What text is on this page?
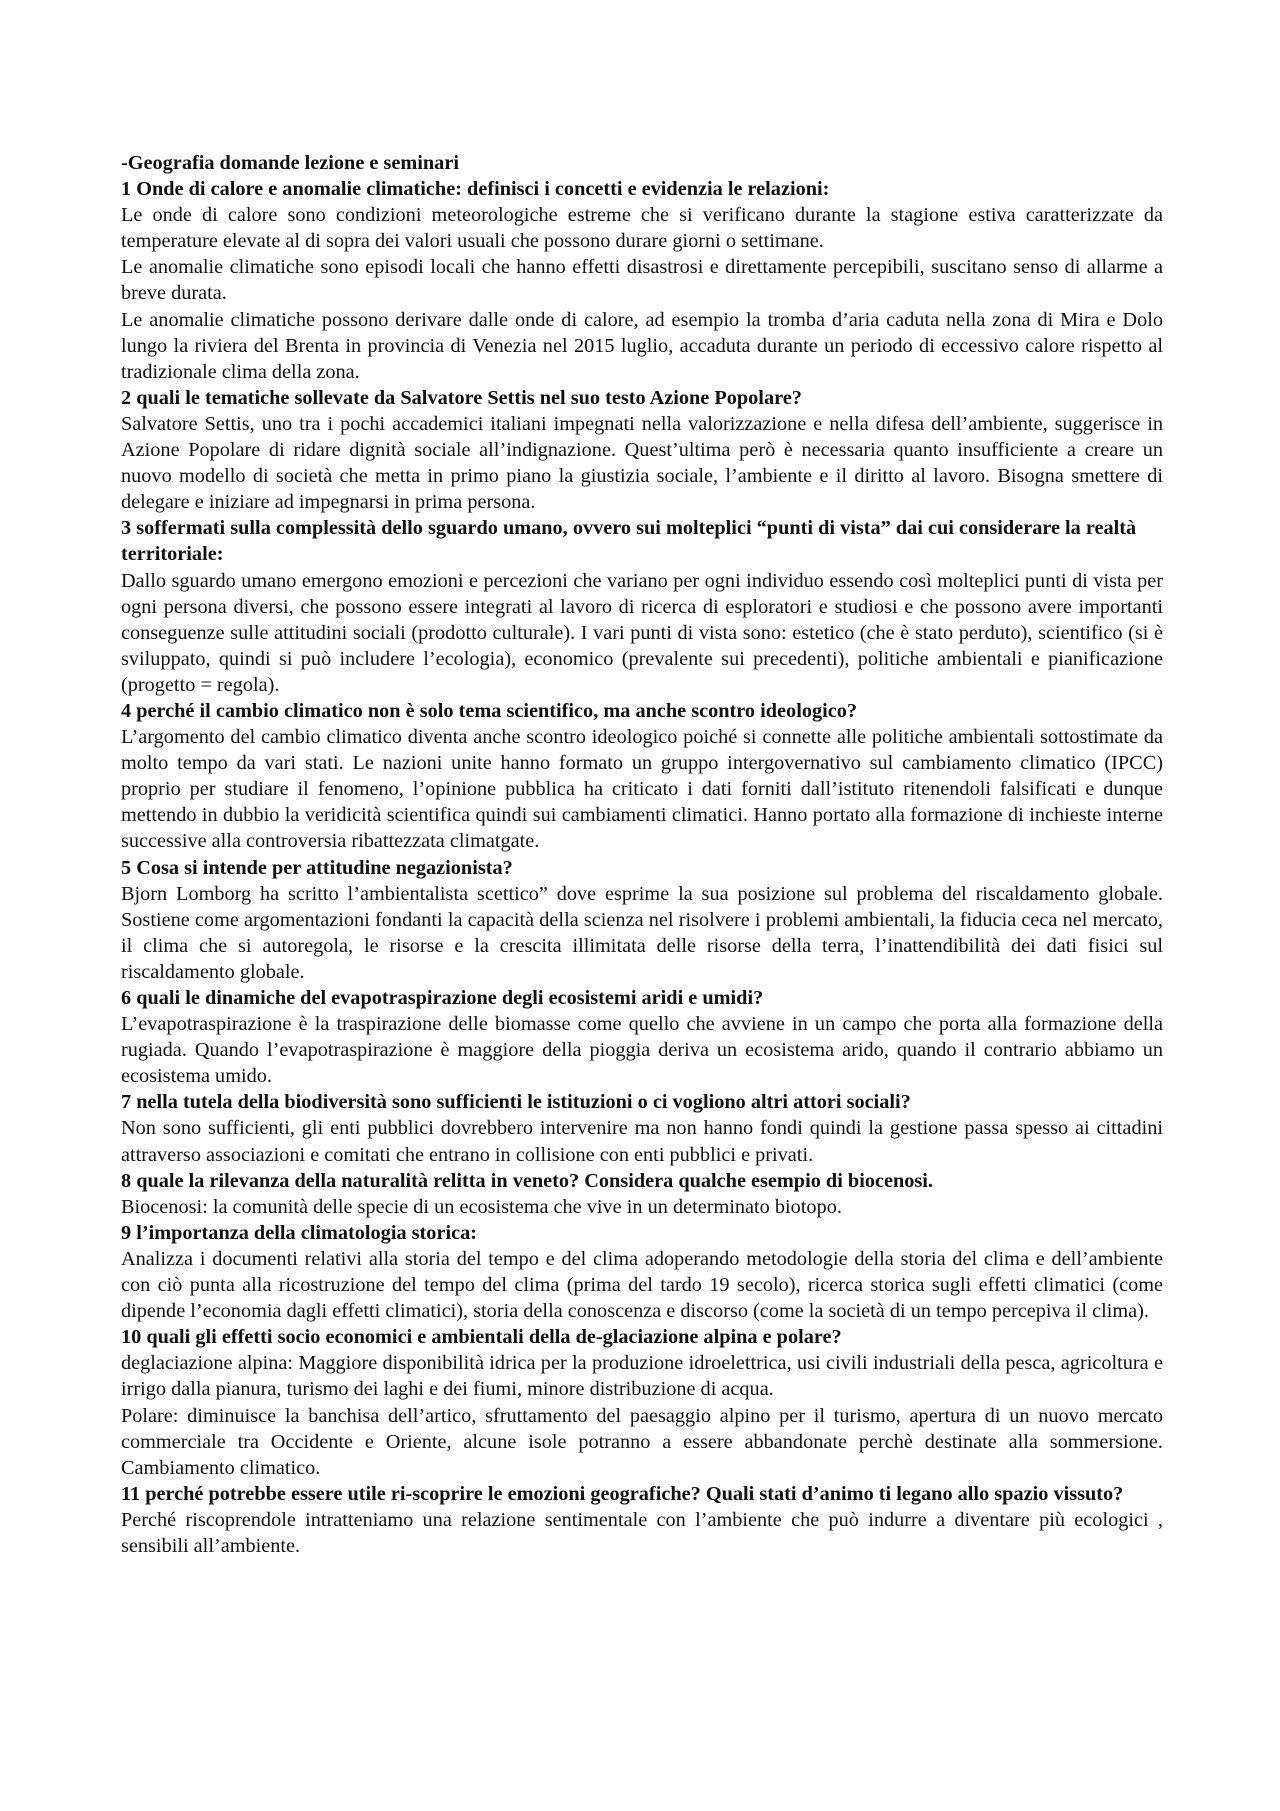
-Geografia domande lezione e seminari

1 Onde di calore e anomalie climatiche: definisci i concetti e evidenzia le relazioni:

Le onde di calore sono condizioni meteorologiche estreme che si verificano durante la stagione estiva caratterizzate da temperature elevate al di sopra dei valori usuali che possono durare giorni o settimane.

Le anomalie climatiche sono episodi locali che hanno effetti disastrosi e direttamente percepibili, suscitano senso di allarme a breve durata.

Le anomalie climatiche possono derivare dalle onde di calore, ad esempio la tromba d’aria caduta nella zona di Mira e Dolo lungo la riviera del Brenta in provincia di Venezia nel 2015 luglio, accaduta durante un periodo di eccessivo calore rispetto al tradizionale clima della zona.

2 quali le tematiche sollevate da Salvatore Settis nel suo testo Azione Popolare?

Salvatore Settis, uno tra i pochi accademici italiani impegnati nella valorizzazione e nella difesa dell’ambiente, suggerisce in Azione Popolare di ridare dignità sociale all’indignazione. Quest’ultima però è necessaria quanto insufficiente a creare un nuovo modello di società che metta in primo piano la giustizia sociale, l’ambiente e il diritto al lavoro. Bisogna smettere di delegare e iniziare ad impegnarsi in prima persona.

3 soffermati sulla complessità dello sguardo umano, ovvero sui molteplici “punti di vista” dai cui considerare la realtà territoriale:

Dallo sguardo umano emergono emozioni e percezioni che variano per ogni individuo essendo così molteplici punti di vista per ogni persona diversi, che possono essere integrati al lavoro di ricerca di esploratori e studiosi e che possono avere importanti conseguenze sulle attitudini sociali (prodotto culturale). I vari punti di vista sono: estetico (che è stato perduto), scientifico (si è sviluppato, quindi si può includere l’ecologia), economico (prevalente sui precedenti), politiche ambientali e pianificazione (progetto = regola).

4 perché il cambio climatico non è solo tema scientifico, ma anche scontro ideologico?

L’argomento del cambio climatico diventa anche scontro ideologico poiché si connette alle politiche ambientali sottostimate da molto tempo da vari stati. Le nazioni unite hanno formato un gruppo intergovernativo sul cambiamento climatico (IPCC) proprio per studiare il fenomeno, l’opinione pubblica ha criticato i dati forniti dall’istituto ritenendoli falsificati e dunque mettendo in dubbio la veridicità scientifica quindi sui cambiamenti climatici. Hanno portato alla formazione di inchieste interne successive alla controversia ribattezzata climatgate.

5 Cosa si intende per attitudine negazionista?

Bjorn Lomborg ha scritto l’ambientalista scettico” dove esprime la sua posizione sul problema del riscaldamento globale. Sostiene come argomentazioni fondanti la capacità della scienza nel risolvere i problemi ambientali, la fiducia ceca nel mercato, il clima che si autoregola, le risorse e la crescita illimitata delle risorse della terra, l’inattendibilità dei dati fisici sul riscaldamento globale.

6 quali le dinamiche del evapotraspirazione degli ecosistemi aridi e umidi?

L’evapotraspirazione è la traspirazione delle biomasse come quello che avviene in un campo che porta alla formazione della rugiada. Quando l’evapotraspirazione è maggiore della pioggia deriva un ecosistema arido, quando il contrario abbiamo un ecosistema umido.

7 nella tutela della biodiversità sono sufficienti le istituzioni o ci vogliono altri attori sociali?

Non sono sufficienti, gli enti pubblici dovrebbero intervenire ma non hanno fondi quindi la gestione passa spesso ai cittadini attraverso associazioni e comitati che entrano in collisione con enti pubblici e privati.

8 quale la rilevanza della naturalità relitta in veneto? Considera qualche esempio di biocenosi.

Biocenosi: la comunità delle specie di un ecosistema che vive in un determinato biotopo.

9 l’importanza della climatologia storica:

Analizza i documenti relativi alla storia del tempo e del clima adoperando metodologie della storia del clima e dell’ambiente con ciò punta alla ricostruzione del tempo del clima (prima del tardo 19 secolo), ricerca storica sugli effetti climatici (come dipende l’economia dagli effetti climatici), storia della conoscenza e discorso (come la società di un tempo percepiva il clima).

10 quali gli effetti socio economici e ambientali della de-glaciazione alpina e polare?

deglaciazione alpina: Maggiore disponibilità idrica per la produzione idroelettrica, usi civili industriali della pesca, agricoltura e irrigo dalla pianura, turismo dei laghi e dei fiumi, minore distribuzione di acqua.

Polare: diminuisce la banchisa dell’artico, sfruttamento del paesaggio alpino per il turismo, apertura di un nuovo mercato commerciale tra Occidente e Oriente, alcune isole potranno a essere abbandonate perchè destinate alla sommersione. Cambiamento climatico.

11 perché potrebbe essere utile ri-scoprire le emozioni geografiche? Quali stati d’animo ti legano allo spazio vissuto?

Perché riscoprendole intratteniamo una relazione sentimentale con l’ambiente che può indurre a diventare più ecologici , sensibili all’ambiente.
